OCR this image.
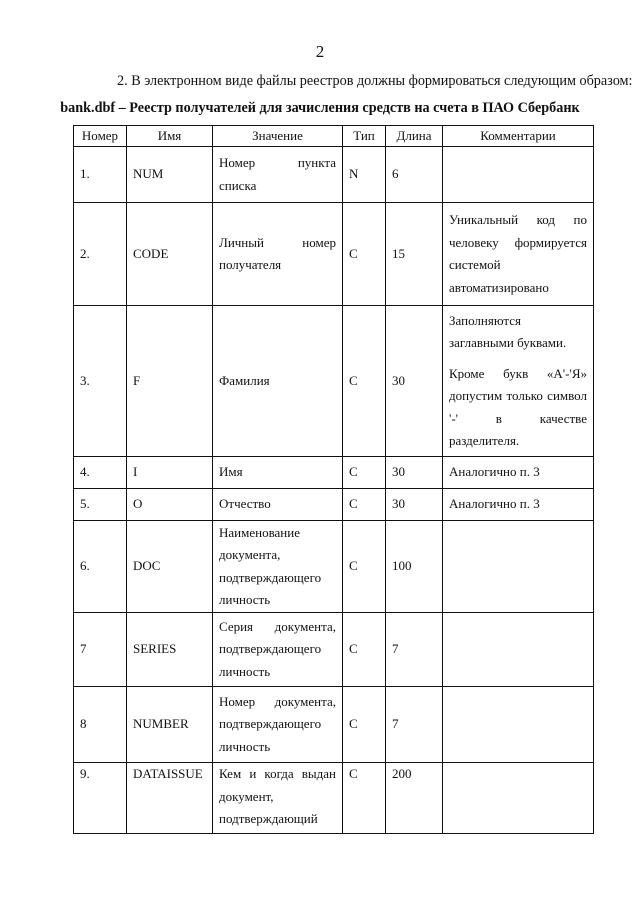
2
2. В электронном виде файлы реестров должны формироваться следующим образом:
bank.dbf – Реестр получателей для зачисления средств на счета в ПАО Сбербанк
Номер	Имя	Значение	Тип	Длина	Комментарии
1.	NUM	Номер пункта списка	N	6	
2.	CODE	Личный номер получателя	C	15	Уникальный код по человеку формируется системой автоматизировано

3.	F	Фамилия	C	30	Заполняются заглавными буквами.
Кроме букв «А'-'Я» допустим только символ '-' в качестве разделителя.

4.	I	Имя	C	30	Аналогично п. 3

5.	O	Отчество	C	30	Аналогично п. 3

6.	DOC	Наименование документа, подтверждающего личность	C	100	
7	SERIES	Серия документа, подтверждающего личность	C	7	
8	NUMBER	Номер документа, подтверждающего личность	C	7	
9.	DATAISSUE	Кем и когда выдан документ, подтверждающий	C	200	
